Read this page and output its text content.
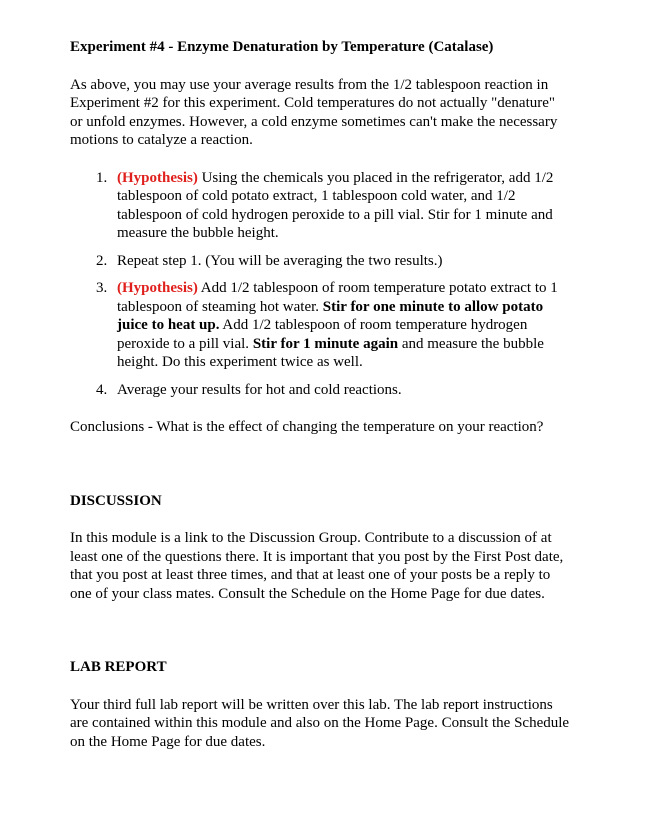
Experiment #4 - Enzyme Denaturation by Temperature (Catalase)

As above, you may use your average results from the 1/2 tablespoon reaction in Experiment #2 for this experiment. Cold temperatures do not actually "denature" or unfold enzymes. However, a cold enzyme sometimes can't make the necessary motions to catalyze a reaction.

1. (Hypothesis) Using the chemicals you placed in the refrigerator, add 1/2 tablespoon of cold potato extract, 1 tablespoon cold water, and 1/2 tablespoon of cold hydrogen peroxide to a pill vial. Stir for 1 minute and measure the bubble height.
2. Repeat step 1. (You will be averaging the two results.)
3. (Hypothesis) Add 1/2 tablespoon of room temperature potato extract to 1 tablespoon of steaming hot water. Stir for one minute to allow potato juice to heat up. Add 1/2 tablespoon of room temperature hydrogen peroxide to a pill vial. Stir for 1 minute again and measure the bubble height. Do this experiment twice as well.
4. Average your results for hot and cold reactions.

Conclusions - What is the effect of changing the temperature on your reaction?

DISCUSSION

In this module is a link to the Discussion Group. Contribute to a discussion of at least one of the questions there. It is important that you post by the First Post date, that you post at least three times, and that at least one of your posts be a reply to one of your class mates. Consult the Schedule on the Home Page for due dates.

LAB REPORT

Your third full lab report will be written over this lab. The lab report instructions are contained within this module and also on the Home Page. Consult the Schedule on the Home Page for due dates.
